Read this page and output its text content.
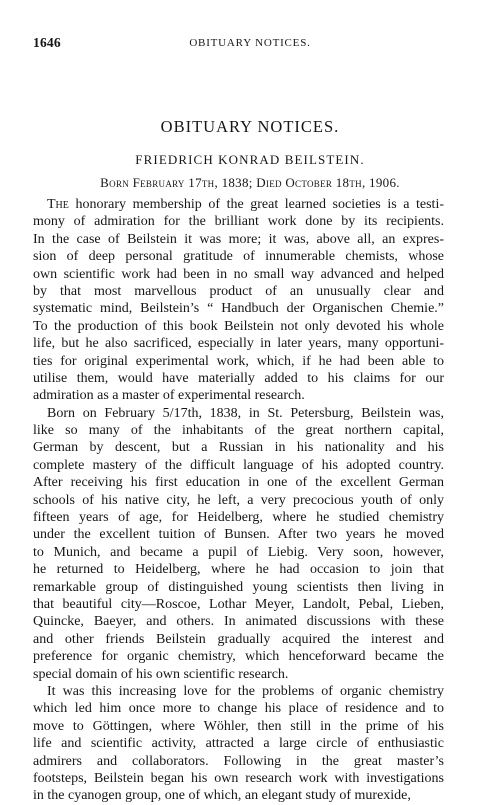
1646	OBITUARY NOTICES.
OBITUARY NOTICES.
FRIEDRICH KONRAD BEILSTEIN.
Born February 17th, 1838; Died October 18th, 1906.
The honorary membership of the great learned societies is a testi-
mony of admiration for the brilliant work done by its recipients.
In the case of Beilstein it was more; it was, above all, an expres-
sion of deep personal gratitude of innumerable chemists, whose
own scientific work had been in no small way advanced and helped
by that most marvellous product of an unusually clear and
systematic mind, Beilstein’s “ Handbuch der Organischen Chemie.”
To the production of this book Beilstein not only devoted his whole
life, but he also sacrificed, especially in later years, many opportuni-
ties for original experimental work, which, if he had been able to
utilise them, would have materially added to his claims for our
admiration as a master of experimental research.
Born on February 5/17th, 1838, in St. Petersburg, Beilstein was,
like so many of the inhabitants of the great northern capital,
German by descent, but a Russian in his nationality and his
complete mastery of the difficult language of his adopted country.
After receiving his first education in one of the excellent German
schools of his native city, he left, a very precocious youth of only
fifteen years of age, for Heidelberg, where he studied chemistry
under the excellent tuition of Bunsen. After two years he moved
to Munich, and became a pupil of Liebig. Very soon, however,
he returned to Heidelberg, where he had occasion to join that
remarkable group of distinguished young scientists then living in
that beautiful city—Roscoe, Lothar Meyer, Landolt, Pebal, Lieben,
Quincke, Baeyer, and others. In animated discussions with these
and other friends Beilstein gradually acquired the interest and
preference for organic chemistry, which henceforward became the
special domain of his own scientific research.
It was this increasing love for the problems of organic chemistry
which led him once more to change his place of residence and to
move to Göttingen, where Wöhler, then still in the prime of his
life and scientific activity, attracted a large circle of enthusiastic
admirers and collaborators. Following in the great master’s
footsteps, Beilstein began his own research work with investigations
in the cyanogen group, one of which, an elegant study of murexide,
